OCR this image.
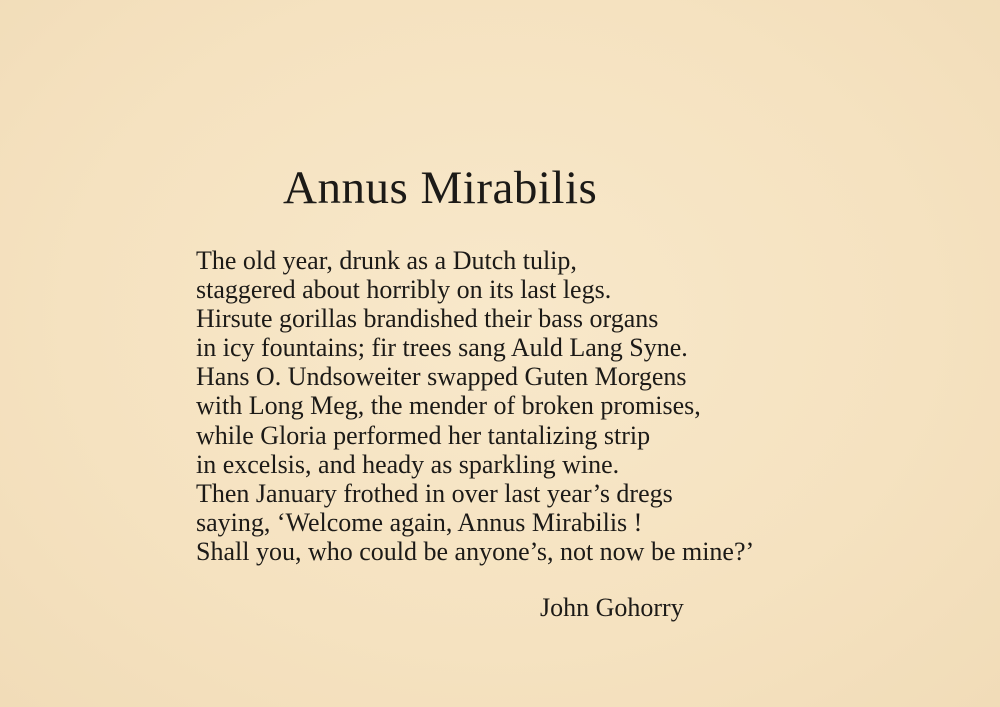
Annus Mirabilis
The old year, drunk as a Dutch tulip,
staggered about horribly on its last legs.
Hirsute gorillas brandished their bass organs
in icy fountains; fir trees sang Auld Lang Syne.
Hans O. Undsoweiter swapped Guten Morgens
with Long Meg, the mender of broken promises,
while Gloria performed her tantalizing strip
in excelsis, and heady as sparkling wine.
Then January frothed in over last year’s dregs
saying, ‘Welcome again, Annus Mirabilis !
Shall you, who could be anyone’s, not now be mine?’

John Gohorry
